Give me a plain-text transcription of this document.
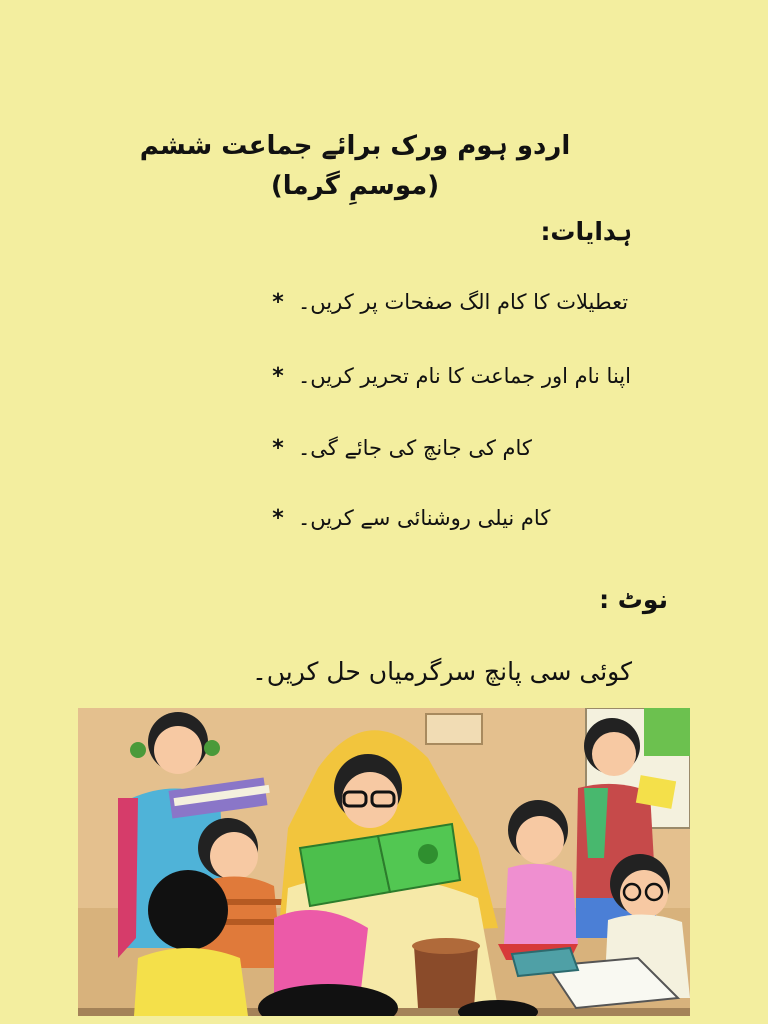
اردو ہوم ورک برائے جماعت ششم (موسمِ گرما)
ہدایات:
* تعطیلات کا کام الگ صفحات پر کریں۔
* اپنا نام اور جماعت کا نام تحریر کریں۔
* کام کی جانچ کی جائے گی۔
* کام نیلی روشنائی سے کریں۔
نوٹ :
کوئی سی پانچ سرگرمیاں حل کریں۔
